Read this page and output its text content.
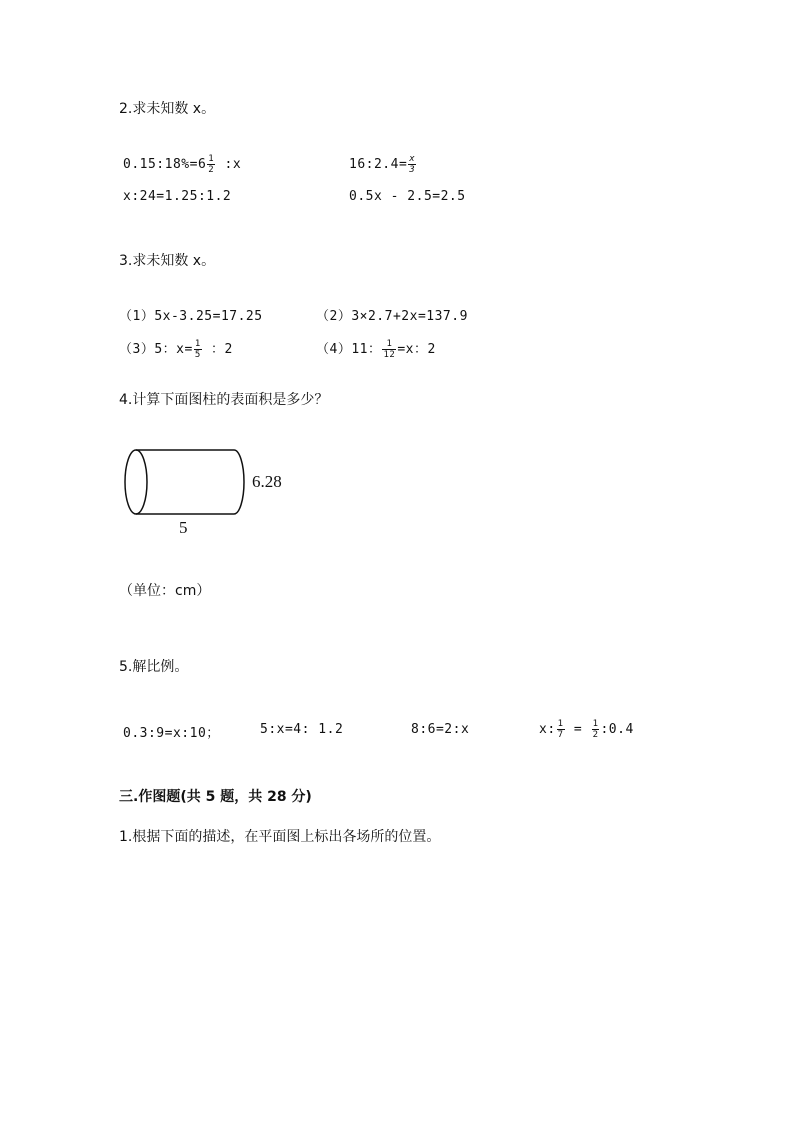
2.求未知数 x。
0.15:18%=6 $\frac{1}{2}$ :x	16:2.4= $\frac{x}{3}$
x:24=1.25:1.2	0.5x - 2.5=2.5
3.求未知数 x。
（1）5x-3.25=17.25	（2）3×2.7+2x=137.9
（3）5：$x= \frac{1}{5}$ ：2	（4）11： $\frac{1}{12} =x$：2
4.计算下面图柱的表面积是多少？
6.28
5
（单位：cm）
5.解比例。
0.3:9=x:10；	5:x=4: 1.2	8:6=2:x	x: $\frac{1}{7} = \frac{1}{2}$ :0.4
三.作图题(共 5 题，共 28 分)
1.根据下面的描述，在平面图上标出各场所的位置。
